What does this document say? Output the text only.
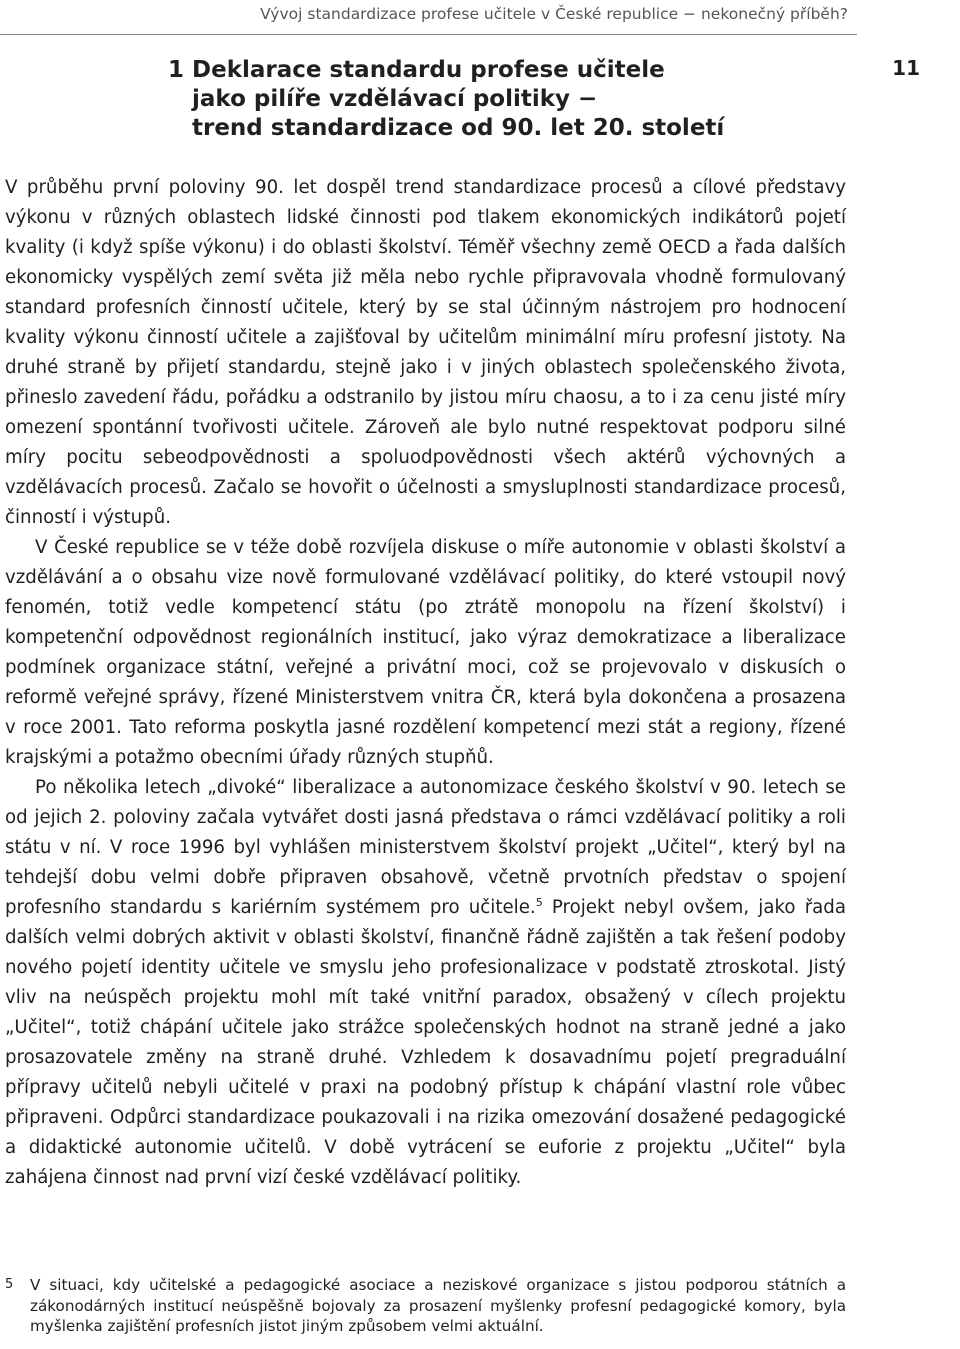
Vývoj standardizace profese učitele v České republice − nekonečný příběh?
1 Deklarace standardu profese učitele
jako pilíře vzdělávací politiky −
trend standardizace od 90. let 20. století
11

V průběhu první poloviny 90. let dospěl trend standardizace procesů a cílové představy výkonu v různých oblastech lidské činnosti pod tlakem ekonomických indikátorů pojetí kvality (i když spíše výkonu) i do oblasti školství. Téměř všechny země OECD a řada dalších ekonomicky vyspělých zemí světa již měla nebo rychle připravovala vhodně formulovaný standard profesních činností učitele, který by se stal účinným nástrojem pro hodnocení kvality výkonu činností učitele a zajišťoval by učitelům minimální míru profesní jistoty. Na druhé straně by přijetí standardu, stejně jako i v jiných oblastech společenského života, přineslo zavedení řádu, pořádku a odstranilo by jistou míru chaosu, a to i za cenu jisté míry omezení spontánní tvořivosti učitele. Zároveň ale bylo nutné respektovat podporu silné míry pocitu sebeodpovědnosti a spoluodpovědnosti všech aktérů výchovných a vzdělávacích procesů. Začalo se hovořit o účelnosti a smysluplnosti standardizace procesů, činností i výstupů.

V České republice se v téže době rozvíjela diskuse o míře autonomie v oblasti školství a vzdělávání a o obsahu vize nově formulované vzdělávací politiky, do které vstoupil nový fenomén, totiž vedle kompetencí státu (po ztrátě monopolu na řízení školství) i kompetenční odpovědnost regionálních institucí, jako výraz demokratizace a liberalizace podmínek organizace státní, veřejné a privátní moci, což se projevovalo v diskusích o reformě veřejné správy, řízené Ministerstvem vnitra ČR, která byla dokončena a prosazena v roce 2001. Tato reforma poskytla jasné rozdělení kompetencí mezi stát a regiony, řízené krajskými a potažmo obecními úřady různých stupňů.

Po několika letech „divoké“ liberalizace a autonomizace českého školství v 90. letech se od jejich 2. poloviny začala vytvářet dosti jasná představa o rámci vzdělávací politiky a roli státu v ní. V roce 1996 byl vyhlášen ministerstvem školství projekt „Učitel“, který byl na tehdejší dobu velmi dobře připraven obsahově, včetně prvotních představ o spojení profesního standardu s kariérním systémem pro učitele.$^5$ Projekt nebyl ovšem, jako řada dalších velmi dobrých aktivit v oblasti školství, finančně řádně zajištěn a tak řešení podoby nového pojetí identity učitele ve smyslu jeho profesionalizace v podstatě ztroskotal. Jistý vliv na neúspěch projektu mohl mít také vnitřní paradox, obsažený v cílech projektu „Učitel“, totiž chápání učitele jako strážce společenských hodnot na straně jedné a jako prosazovatele změny na straně druhé. Vzhledem k dosavadnímu pojetí pregraduální přípravy učitelů nebyli učitelé v praxi na podobný přístup k chápání vlastní role vůbec připraveni. Odpůrci standardizace poukazovali i na rizika omezování dosažené pedagogické a didaktické autonomie učitelů. V době vytrácení se euforie z projektu „Učitel“ byla zahájena činnost nad první vizí české vzdělávací politiky.

5	V situaci, kdy učitelské a pedagogické asociace a neziskové organizace s jistou podporou státních a zákonodárných institucí neúspěšně bojovaly za prosazení myšlenky profesní pedagogické komory, byla myšlenka zajištění profesních jistot jiným způsobem velmi aktuální.
